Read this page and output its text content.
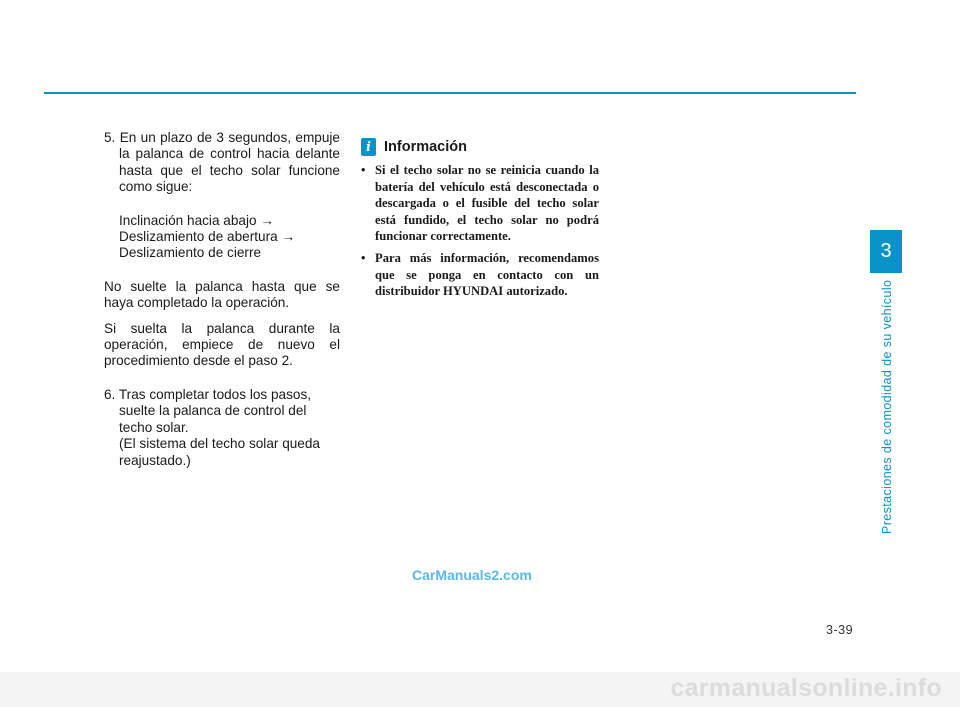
5. En un plazo de 3 segundos, empuje la palanca de control hacia delante hasta que el techo solar funcione como sigue:

Inclinación hacia abajo →
Deslizamiento de abertura →
Deslizamiento de cierre

No suelte la palanca hasta que se haya completado la operación.

Si suelta la palanca durante la operación, empiece de nuevo el procedimiento desde el paso 2.

6. Tras completar todos los pasos,
suelte la palanca de control del
techo solar.
(El sistema del techo solar queda
reajustado.)

i Información
• Si el techo solar no se reinicia cuando la batería del vehículo está desconectada o descargada o el fusible del techo solar está fundido, el techo solar no podrá funcionar correctamente.
• Para más información, recomendamos que se ponga en contacto con un distribuidor HYUNDAI autorizado.
3
Prestaciones de comodidad de su vehículo
CarManuals2.com
3-39
carmanualsonline.info
